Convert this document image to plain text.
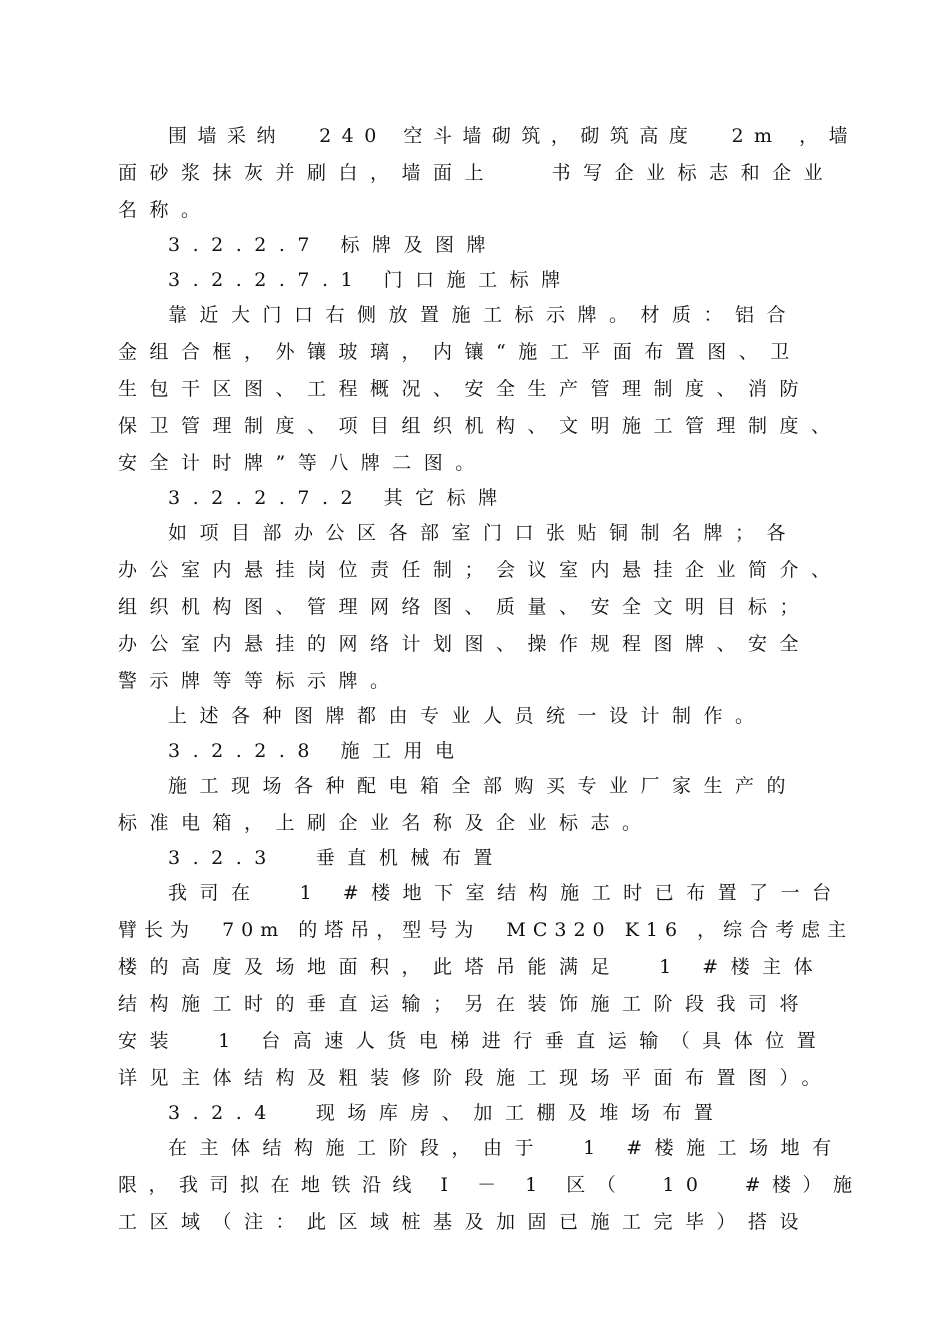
围墙采纳  240 空斗墙砌筑，砌筑高度  2m ，墙
面砂浆抹灰并刷白，墙面上   书写企业标志和企业
名称。
3.2.2.7 标牌及图牌
3.2.2.7.1 门口施工标牌
靠近大门口右侧放置施工标示牌。材质：铝合
金组合框，外镶玻璃，内镶“施工平面布置图、卫
生包干区图、工程概况、安全生产管理制度、消防
保卫管理制度、项目组织机构、文明施工管理制度、
安全计时牌”等八牌二图。
3.2.2.7.2 其它标牌
如项目部办公区各部室门口张贴铜制名牌；各
办公室内悬挂岗位责任制；会议室内悬挂企业简介、
组织机构图、管理网络图、质量、安全文明目标；
办公室内悬挂的网络计划图、操作规程图牌、安全
警示牌等等标示牌。
上述各种图牌都由专业人员统一设计制作。
3.2.2.8 施工用电
施工现场各种配电箱全部购买专业厂家生产的
标准电箱，上刷企业名称及企业标志。
3.2.3  垂直机械布置
我司在  1 #楼地下室结构施工时已布置了一台
臂长为  70m 的塔吊，型号为  MC320 K16 ，综合考虑主
楼的高度及场地面积，此塔吊能满足  1 #楼主体
结构施工时的垂直运输；另在装饰施工阶段我司将
安装  1 台高速人货电梯进行垂直运输（具体位置
详见主体结构及粗装修阶段施工现场平面布置图）。
3.2.4  现场库房、加工棚及堆场布置
在主体结构施工阶段，由于  1 #楼施工场地有
限，我司拟在地铁沿线 I － 1 区（  10  #楼）施
工区域（注：此区域桩基及加固已施工完毕）搭设
